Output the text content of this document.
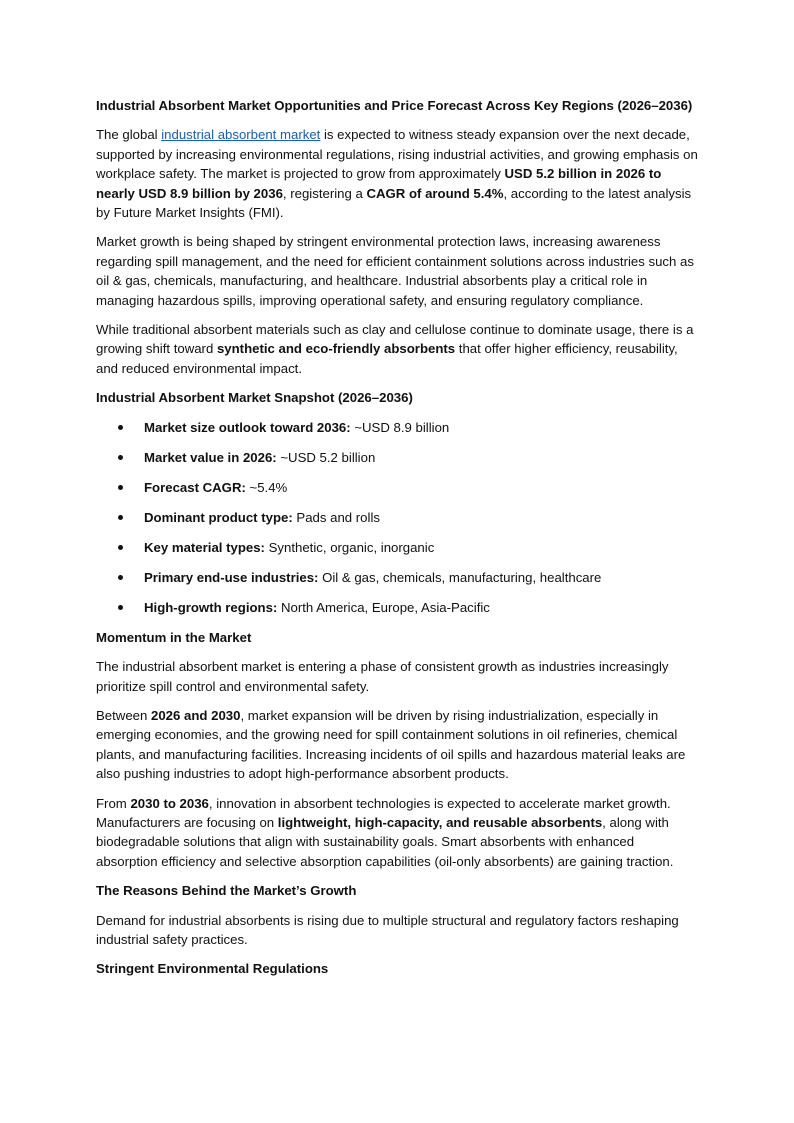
Industrial Absorbent Market Opportunities and Price Forecast Across Key Regions (2026–2036)

The global industrial absorbent market is expected to witness steady expansion over the next decade, supported by increasing environmental regulations, rising industrial activities, and growing emphasis on workplace safety. The market is projected to grow from approximately USD 5.2 billion in 2026 to nearly USD 8.9 billion by 2036, registering a CAGR of around 5.4%, according to the latest analysis by Future Market Insights (FMI).

Market growth is being shaped by stringent environmental protection laws, increasing awareness regarding spill management, and the need for efficient containment solutions across industries such as oil & gas, chemicals, manufacturing, and healthcare. Industrial absorbents play a critical role in managing hazardous spills, improving operational safety, and ensuring regulatory compliance.

While traditional absorbent materials such as clay and cellulose continue to dominate usage, there is a growing shift toward synthetic and eco-friendly absorbents that offer higher efficiency, reusability, and reduced environmental impact.

Industrial Absorbent Market Snapshot (2026–2036)

Market size outlook toward 2036: ~USD 8.9 billion
Market value in 2026: ~USD 5.2 billion
Forecast CAGR: ~5.4%
Dominant product type: Pads and rolls
Key material types: Synthetic, organic, inorganic
Primary end-use industries: Oil & gas, chemicals, manufacturing, healthcare
High-growth regions: North America, Europe, Asia-Pacific

Momentum in the Market

The industrial absorbent market is entering a phase of consistent growth as industries increasingly prioritize spill control and environmental safety.

Between 2026 and 2030, market expansion will be driven by rising industrialization, especially in emerging economies, and the growing need for spill containment solutions in oil refineries, chemical plants, and manufacturing facilities. Increasing incidents of oil spills and hazardous material leaks are also pushing industries to adopt high-performance absorbent products.

From 2030 to 2036, innovation in absorbent technologies is expected to accelerate market growth. Manufacturers are focusing on lightweight, high-capacity, and reusable absorbents, along with biodegradable solutions that align with sustainability goals. Smart absorbents with enhanced absorption efficiency and selective absorption capabilities (oil-only absorbents) are gaining traction.

The Reasons Behind the Market’s Growth

Demand for industrial absorbents is rising due to multiple structural and regulatory factors reshaping industrial safety practices.

Stringent Environmental Regulations
